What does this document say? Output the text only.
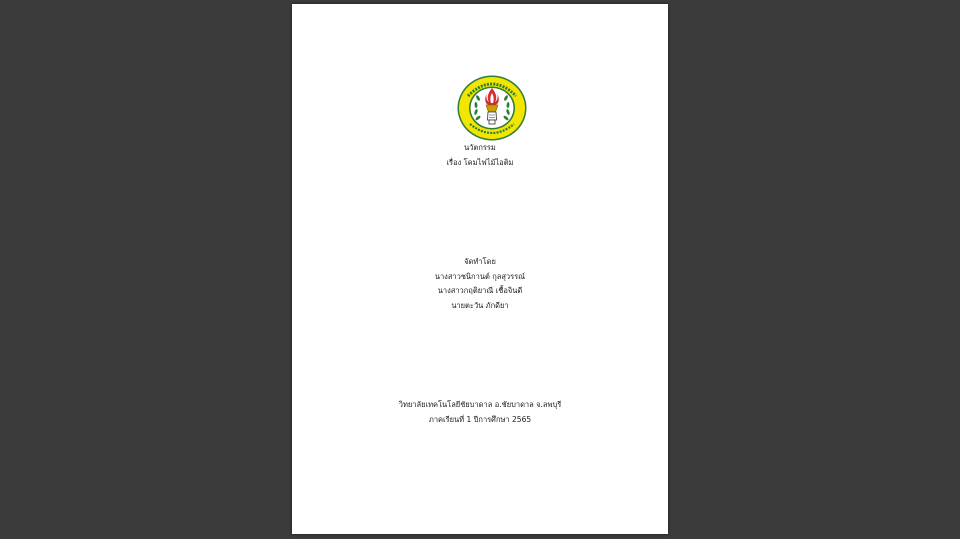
นวัตกรรม
เรื่อง โคมไฟไม้ไอติม
จัดทำโดย
นางสาวชนิกานต์ กุลสุวรรณ์
นางสาวกฤติยาณี เชื้อจินดี
นายตะวัน ภักดียา
วิทยาลัยเทคโนโลยีชัยบาดาล อ.ชัยบาดาล จ.ลพบุรี
ภาคเรียนที่ 1 ปีการศึกษา 2565
